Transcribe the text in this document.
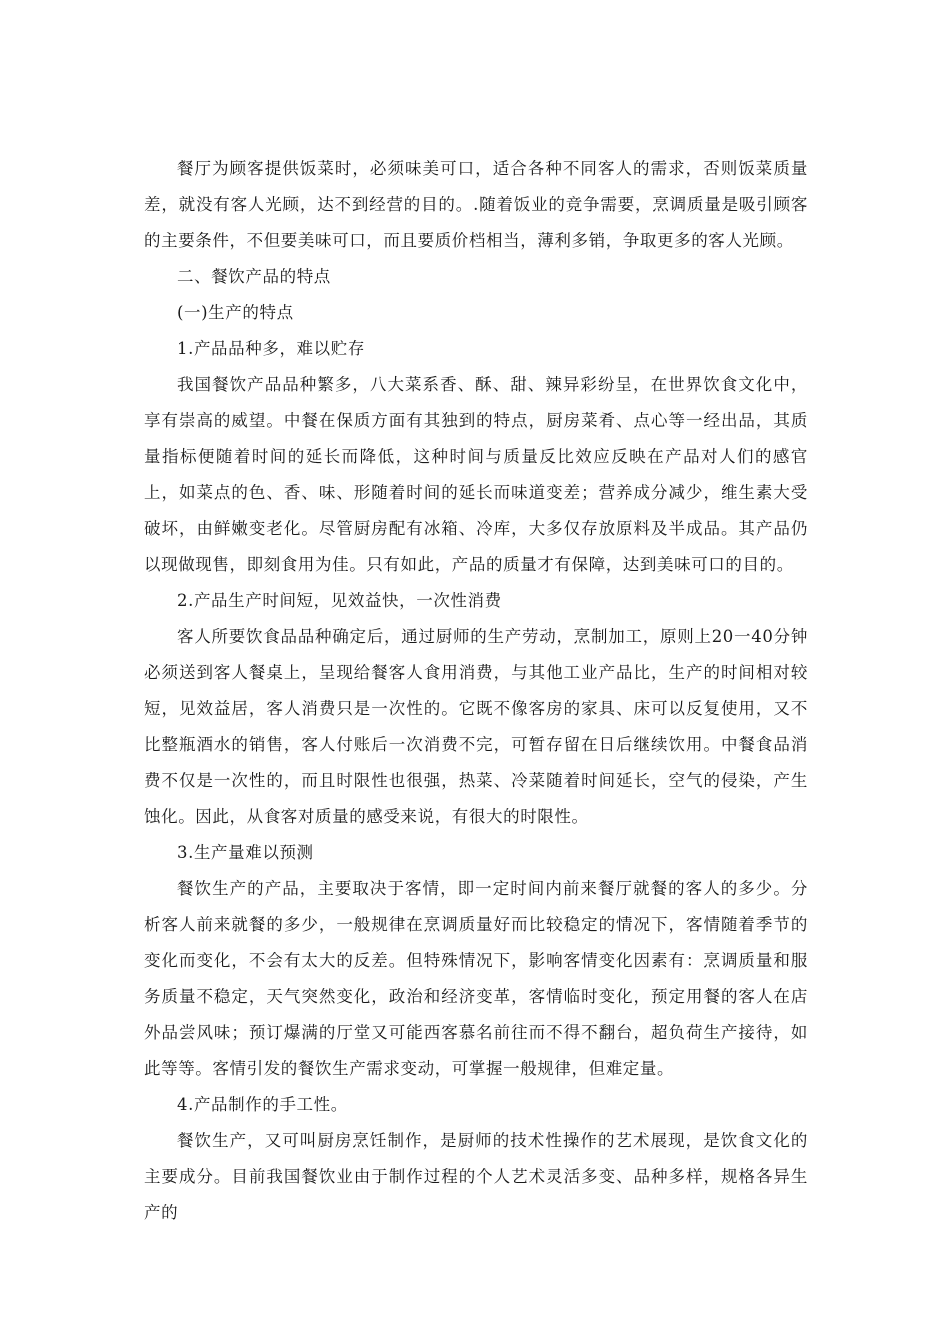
餐厅为顾客提供饭菜时，必须味美可口，适合各种不同客人的需求，否则饭菜质量差，就没有客人光顾，达不到经营的目的。.随着饭业的竞争需要，烹调质量是吸引顾客的主要条件，不但要美味可口，而且要质价档相当，薄利多销，争取更多的客人光顾。

二、餐饮产品的特点

(一)生产的特点

1.产品品种多，难以贮存

我国餐饮产品品种繁多，八大菜系香、酥、甜、辣异彩纷呈，在世界饮食文化中，享有崇高的威望。中餐在保质方面有其独到的特点，厨房菜肴、点心等一经出品，其质量指标便随着时间的延长而降低，这种时间与质量反比效应反映在产品对人们的感官上，如菜点的色、香、味、形随着时间的延长而味道变差；营养成分减少，维生素大受破坏，由鲜嫩变老化。尽管厨房配有冰箱、冷库，大多仅存放原料及半成品。其产品仍以现做现售，即刻食用为佳。只有如此，产品的质量才有保障，达到美味可口的目的。

2.产品生产时间短，见效益快，一次性消费

客人所要饮食品品种确定后，通过厨师的生产劳动，烹制加工，原则上20一40分钟必须送到客人餐桌上，呈现给餐客人食用消费，与其他工业产品比，生产的时间相对较短，见效益居，客人消费只是一次性的。它既不像客房的家具、床可以反复使用，又不比整瓶酒水的销售，客人付账后一次消费不完，可暂存留在日后继续饮用。中餐食品消费不仅是一次性的，而且时限性也很强，热菜、冷菜随着时间延长，空气的侵染，产生蚀化。因此，从食客对质量的感受来说，有很大的时限性。

3.生产量难以预测

餐饮生产的产品，主要取决于客情，即一定时间内前来餐厅就餐的客人的多少。分析客人前来就餐的多少，一般规律在烹调质量好而比较稳定的情况下，客情随着季节的变化而变化，不会有太大的反差。但特殊情况下，影响客情变化因素有：烹调质量和服务质量不稳定，天气突然变化，政治和经济变革，客情临时变化，预定用餐的客人在店外品尝风味；预订爆满的厅堂又可能西客慕名前往而不得不翻台，超负荷生产接待，如此等等。客情引发的餐饮生产需求变动，可掌握一般规律，但难定量。

4.产品制作的手工性。

餐饮生产，又可叫厨房烹饪制作，是厨师的技术性操作的艺术展现，是饮食文化的主要成分。目前我国餐饮业由于制作过程的个人艺术灵活多变、品种多样，规格各异生产的
